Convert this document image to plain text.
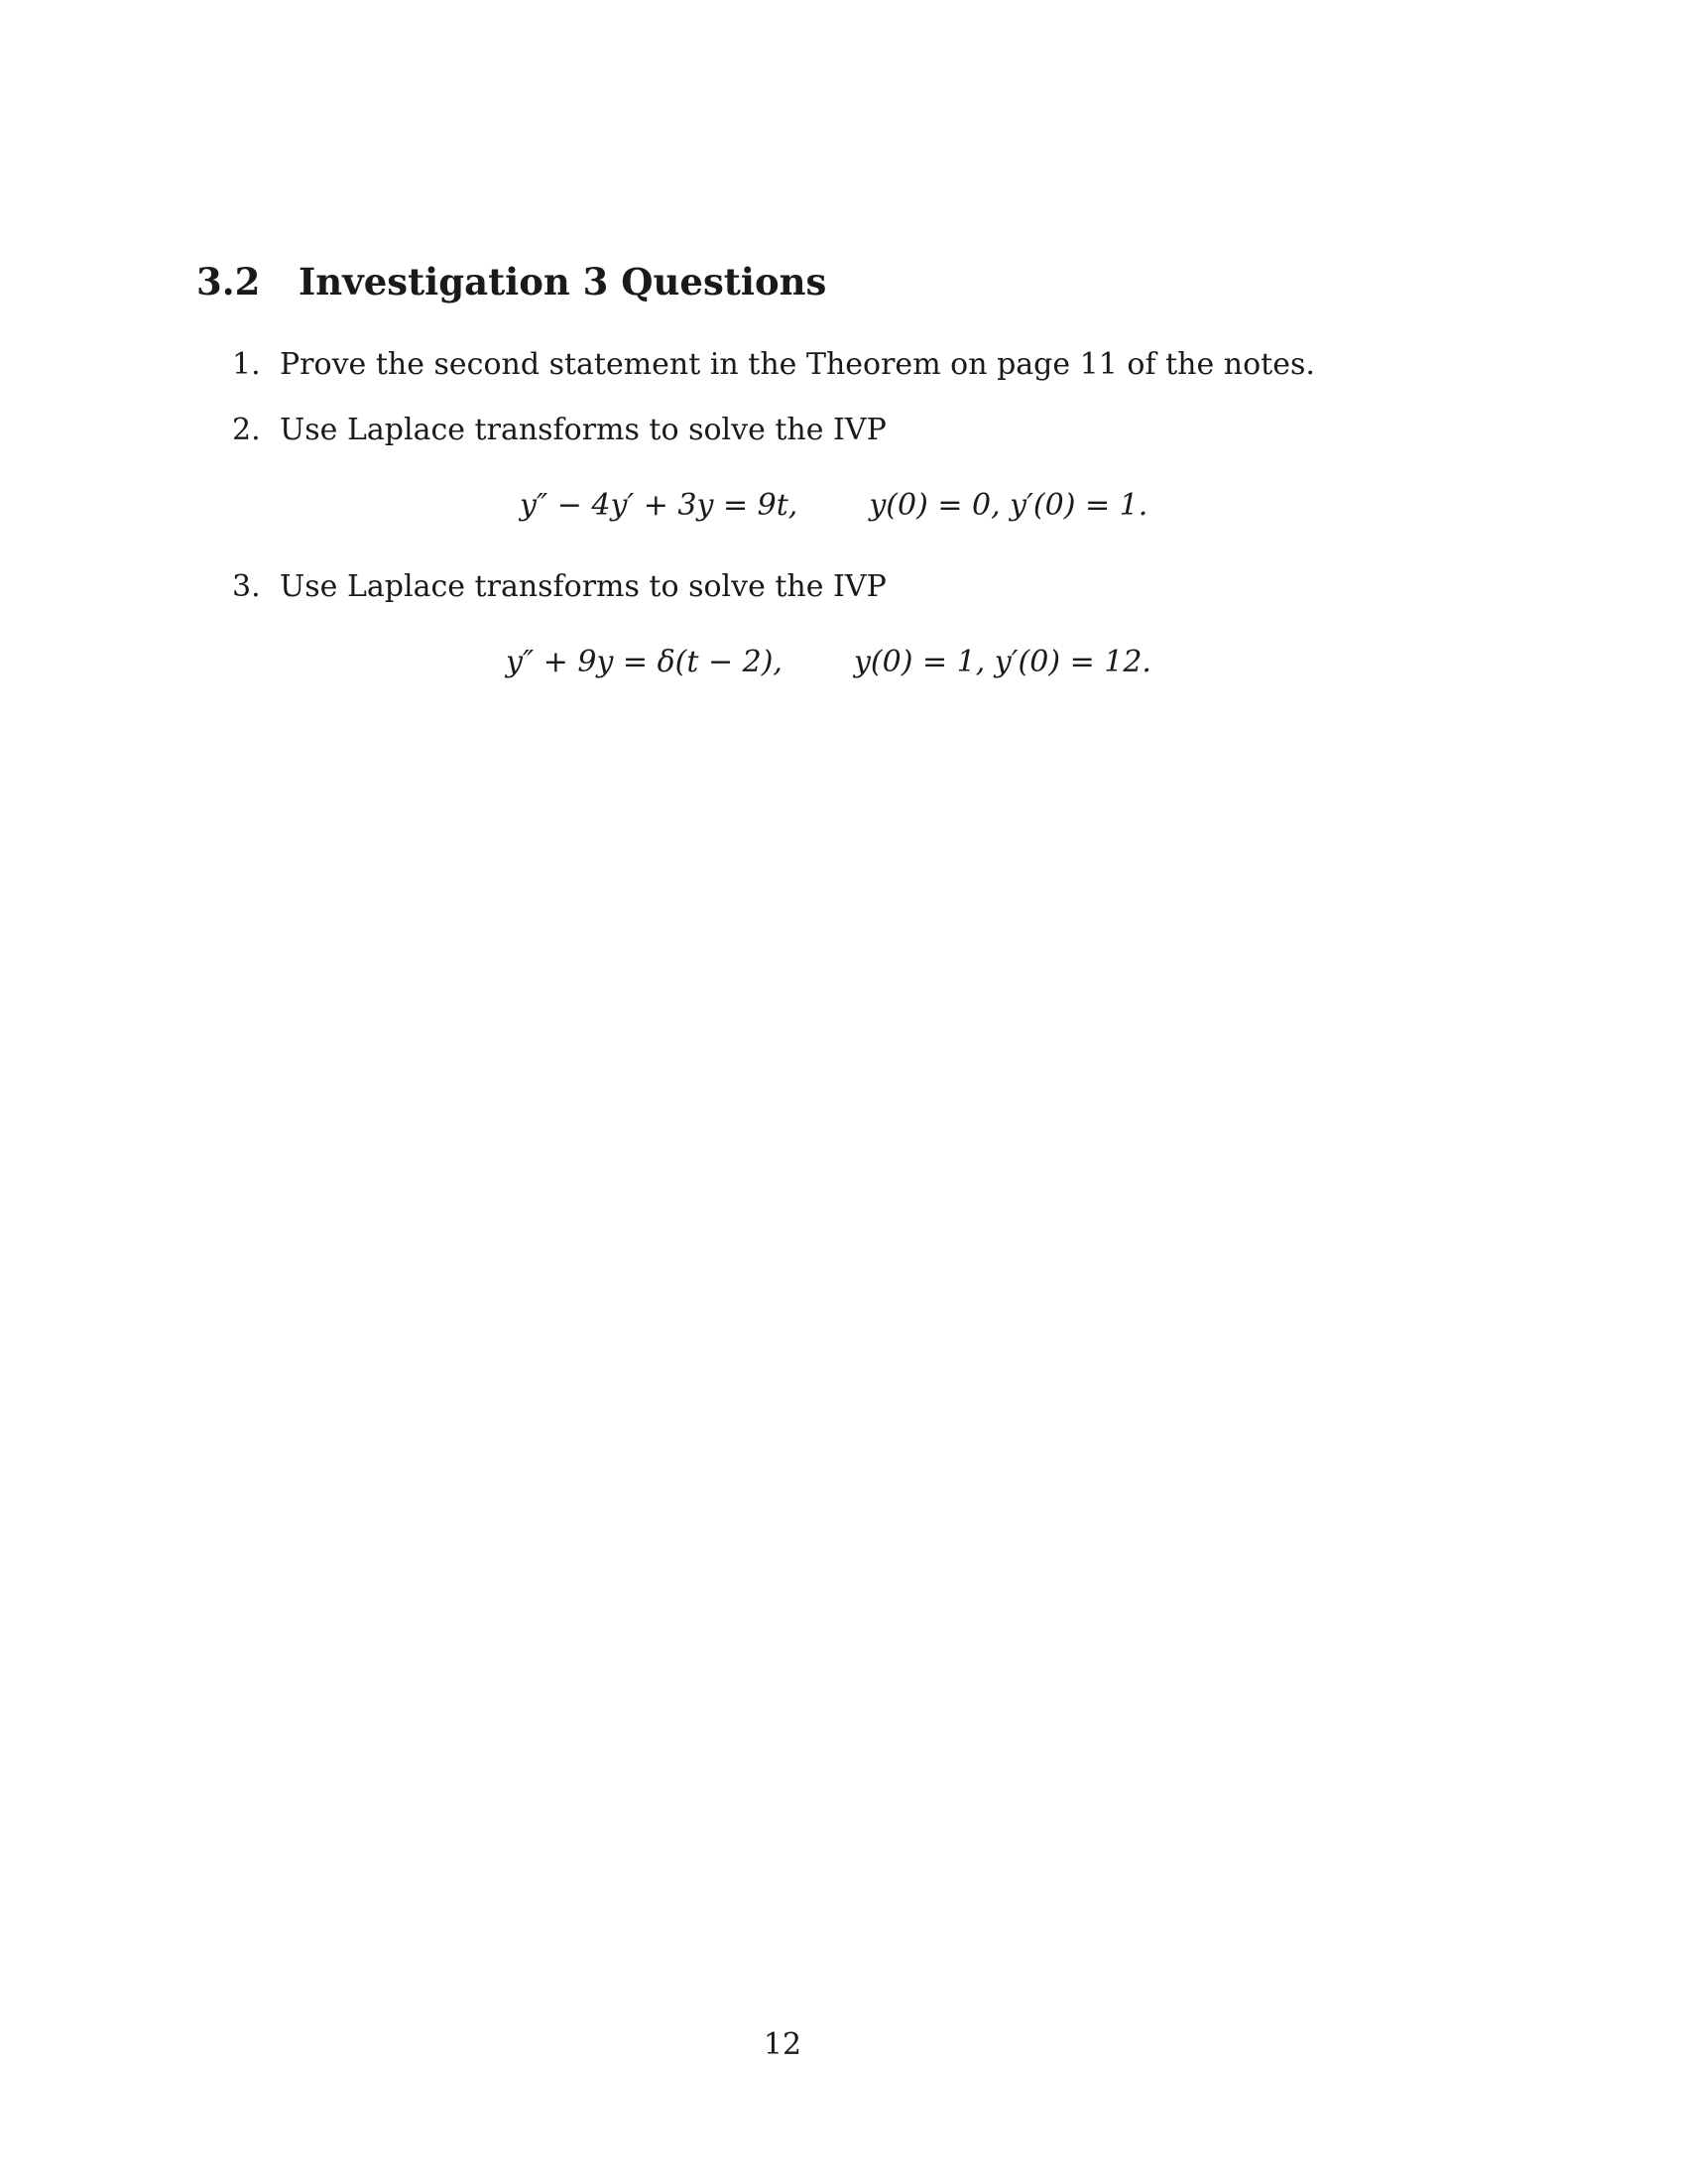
3.2 Investigation 3 Questions
1. Prove the second statement in the Theorem on page 11 of the notes.
2. Use Laplace transforms to solve the IVP
y″ − 4y′ + 3y = 9t, y(0) = 0, y′(0) = 1.
3. Use Laplace transforms to solve the IVP
y″ + 9y = δ(t − 2), y(0) = 1, y′(0) = 12.
12
